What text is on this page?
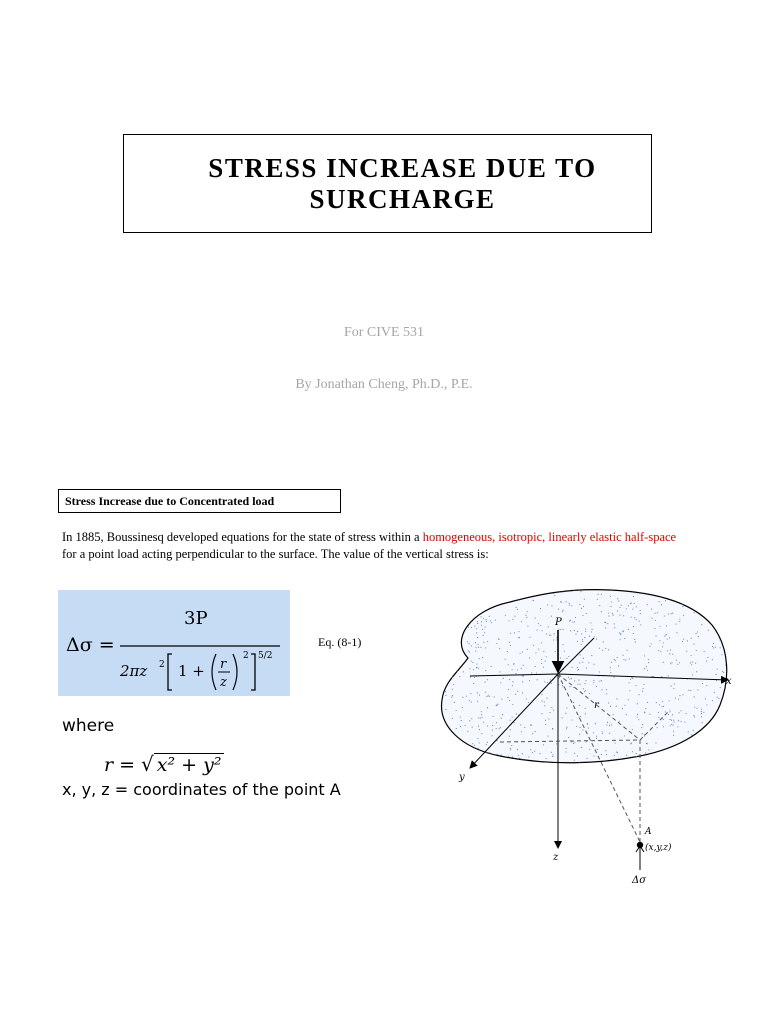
STRESS INCREASE DUE TO SURCHARGE
For CIVE 531
By Jonathan Cheng, Ph.D., P.E.
Stress Increase due to Concentrated load
In 1885, Boussinesq developed equations for the state of stress within a homogeneous, isotropic, linearly elastic half-space for a point load acting perpendicular to the surface. The value of the vertical stress is:
Δσ =
3P
2πz 2 1 + r
z
2 5/2
Eq. (8-1)
where
r = √ x² + y²
x, y, z = coordinates of the point A
P
x
y
z
r
A
(x,y,z)
Δσ
